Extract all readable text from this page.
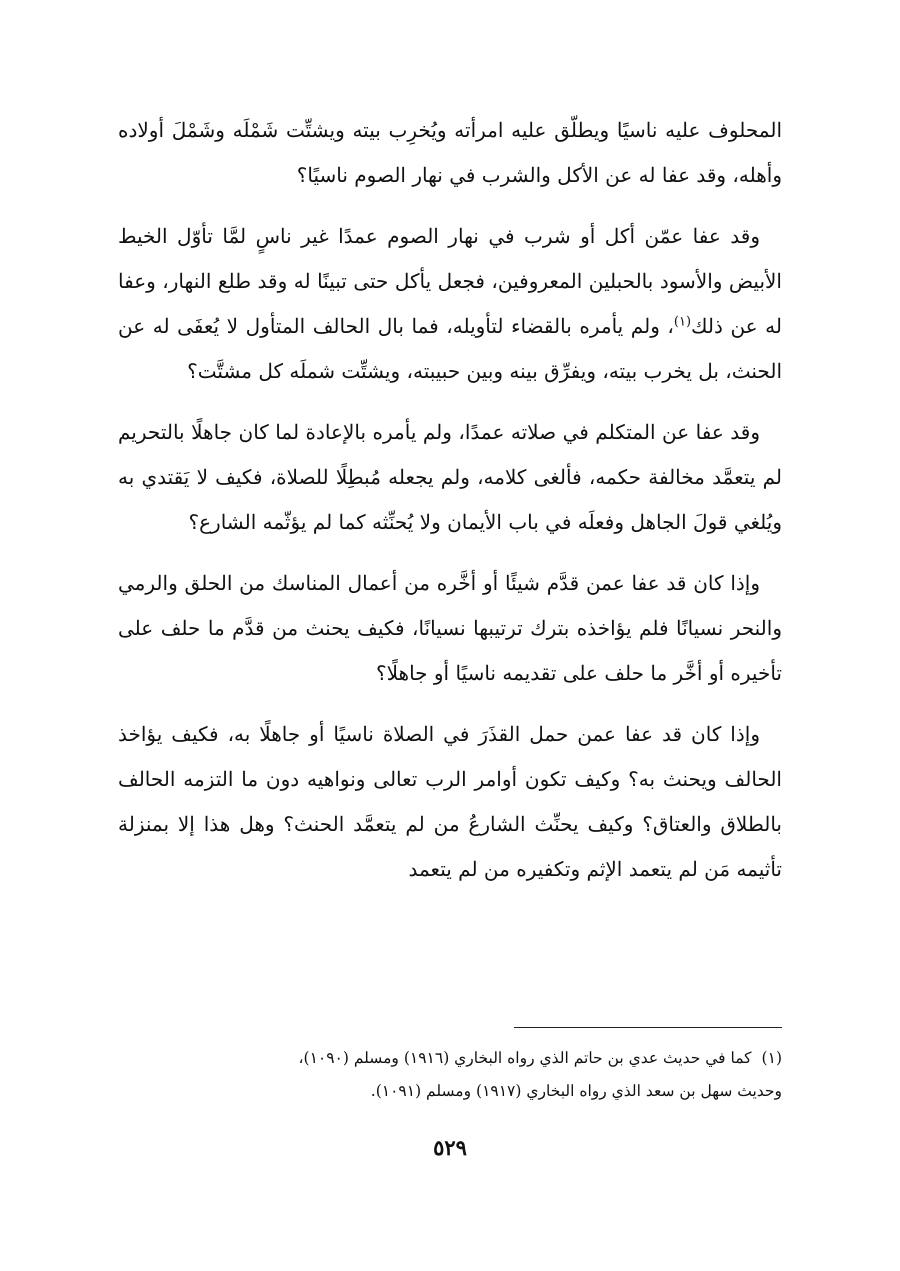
المحلوف عليه ناسيًا ويطلّق عليه امرأته ويُخرِب بيته ويشتِّت شَمْلَه وشَمْلَ أولاده وأهله، وقد عفا له عن الأكل والشرب في نهار الصوم ناسيًا؟

وقد عفا عمّن أكل أو شرب في نهار الصوم عمدًا غير ناسٍ لمَّا تأوّل الخيط الأبيض والأسود بالحبلين المعروفين، فجعل يأكل حتى تبينًا له وقد طلع النهار، وعفا له عن ذلك$^{(١)}$، ولم يأمره بالقضاء لتأويله، فما بال الحالف المتأول لا يُعفَى له عن الحنث، بل يخرب بيته، ويفرِّق بينه وبين حبيبته، ويشتِّت شملَه كل مشتَّت؟

وقد عفا عن المتكلم في صلاته عمدًا، ولم يأمره بالإعادة لما كان جاهلًا بالتحريم لم يتعمَّد مخالفة حكمه، فألغى كلامه، ولم يجعله مُبطِلًا للصلاة، فكيف لا يَقتدي به ويُلغي قولَ الجاهل وفعلَه في باب الأيمان ولا يُحنِّثه كما لم يؤثّمه الشارع؟

وإذا كان قد عفا عمن قدَّم شيئًا أو أخَّره من أعمال المناسك من الحلق والرمي والنحر نسيانًا فلم يؤاخذه بترك ترتيبها نسيانًا، فكيف يحنث من قدَّم ما حلف على تأخيره أو أخَّر ما حلف على تقديمه ناسيًا أو جاهلًا؟

وإذا كان قد عفا عمن حمل القذَرَ في الصلاة ناسيًا أو جاهلًا به، فكيف يؤاخذ الحالف ويحنث به؟ وكيف تكون أوامر الرب تعالى ونواهيه دون ما التزمه الحالف بالطلاق والعتاق؟ وكيف يحنِّث الشارعُ من لم يتعمَّد الحنث؟ وهل هذا إلا بمنزلة تأثيمه مَن لم يتعمد الإثم وتكفيره من لم يتعمد

(١)كما في حديث عدي بن حاتم الذي رواه البخاري (١٩١٦) ومسلم (١٠٩٠)،

وحديث سهل بن سعد الذي رواه البخاري (١٩١٧) ومسلم (١٠٩١).

٥٢٩
